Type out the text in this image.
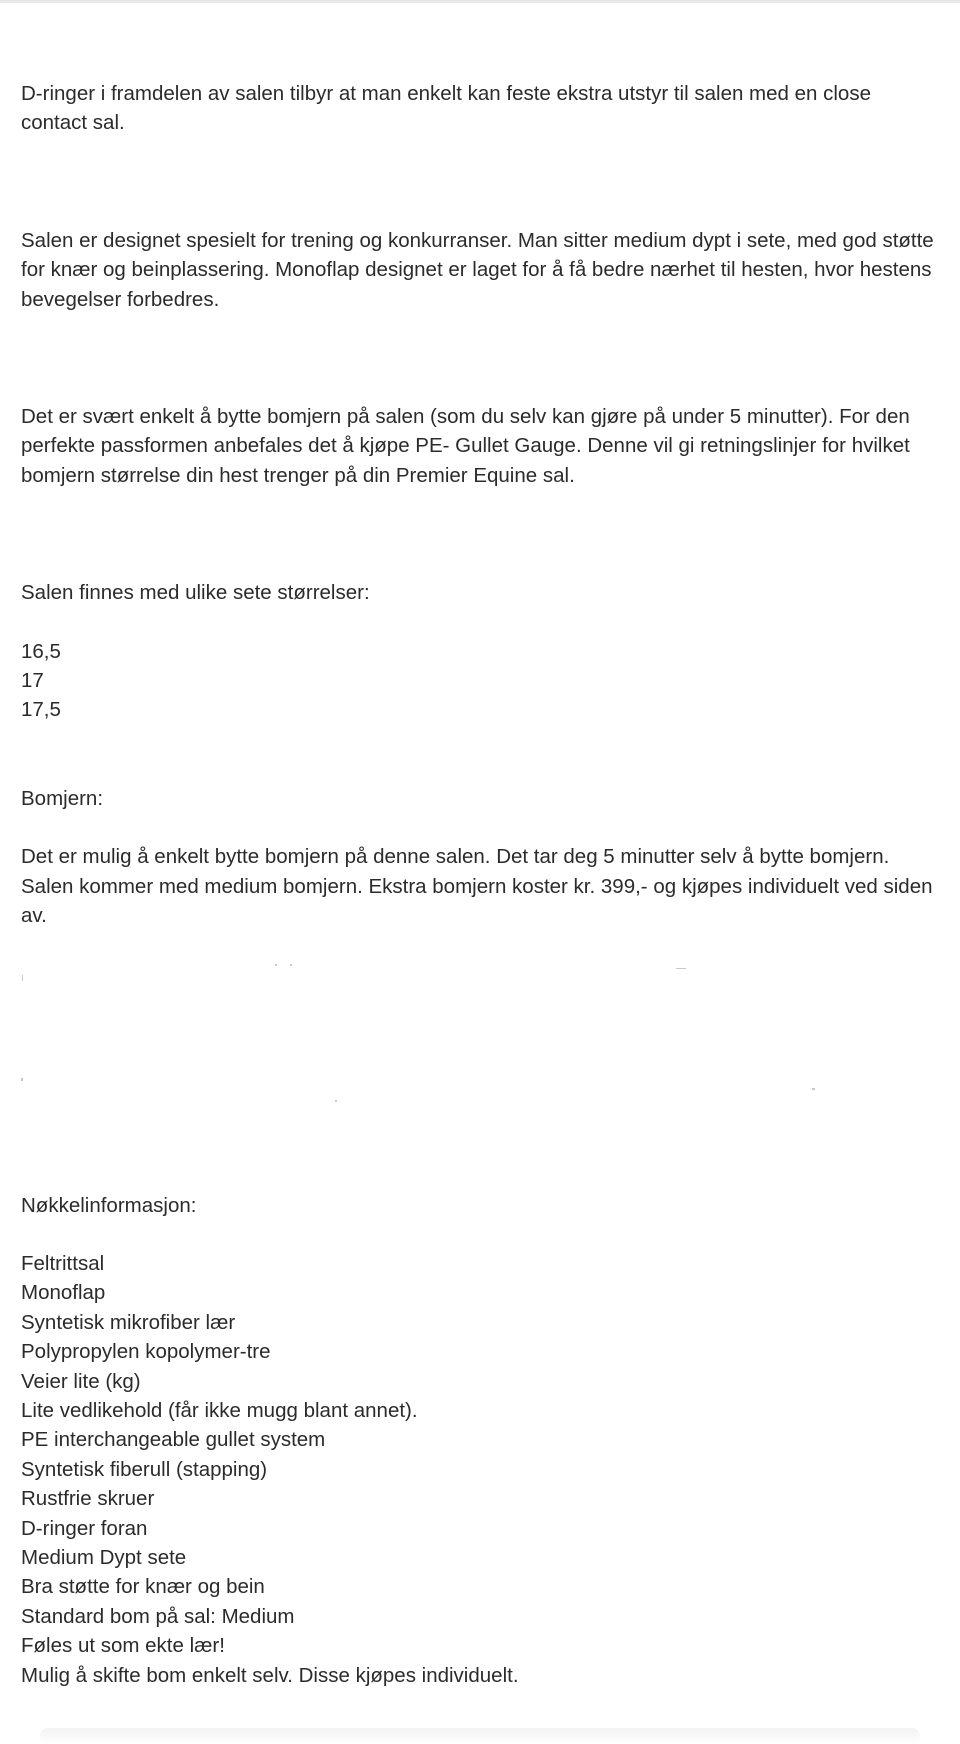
D-ringer i framdelen av salen tilbyr at man enkelt kan feste ekstra utstyr til salen med en close contact sal.

Salen er designet spesielt for trening og konkurranser. Man sitter medium dypt i sete, med god støtte for knær og beinplassering. Monoflap designet er laget for å få bedre nærhet til hesten, hvor hestens bevegelser forbedres.

Det er svært enkelt å bytte bomjern på salen (som du selv kan gjøre på under 5 minutter). For den perfekte passformen anbefales det å kjøpe PE- Gullet Gauge. Denne vil gi retningslinjer for hvilket bomjern størrelse din hest trenger på din Premier Equine sal.

Salen finnes med ulike sete størrelser:

16,5
17
17,5

Bomjern:

Det er mulig å enkelt bytte bomjern på denne salen. Det tar deg 5 minutter selv å bytte bomjern. Salen kommer med medium bomjern. Ekstra bomjern koster kr. 399,- og kjøpes individuelt ved siden av.

Nøkkelinformasjon:

Feltrittsal
Monoflap
Syntetisk mikrofiber lær
Polypropylen kopolymer-tre
Veier lite (kg)
Lite vedlikehold (får ikke mugg blant annet).
PE interchangeable gullet system
Syntetisk fiberull (stapping)
Rustfrie skruer
D-ringer foran
Medium Dypt sete
Bra støtte for knær og bein
Standard bom på sal: Medium
Føles ut som ekte lær!
Mulig å skifte bom enkelt selv. Disse kjøpes individuelt.
